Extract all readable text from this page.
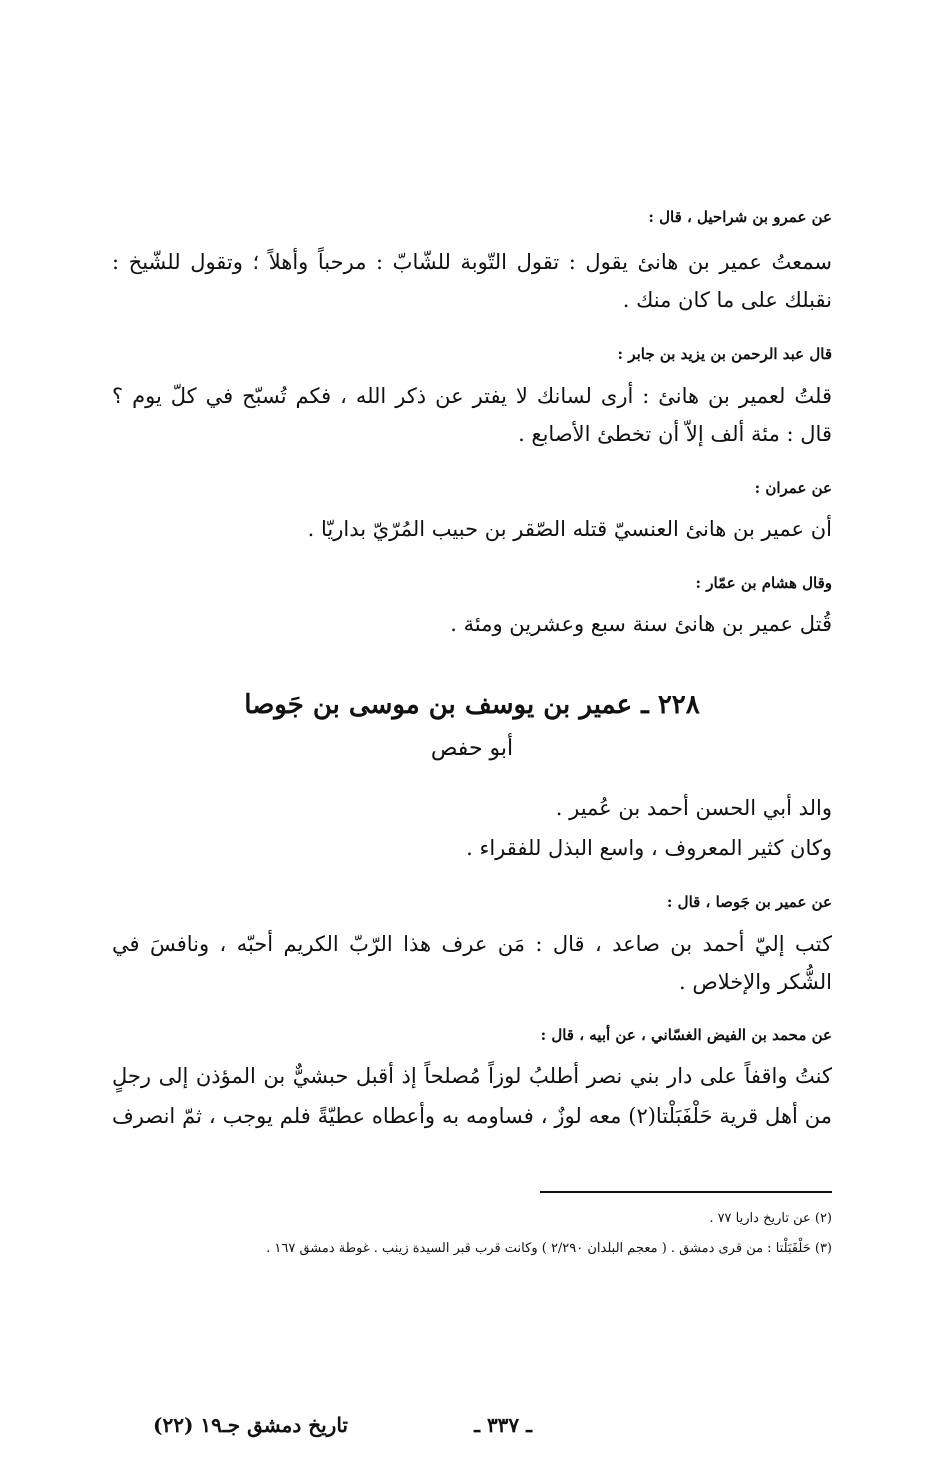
عن عمرو بن شراحيل ، قال :
سمعتُ عمير بن هانئ يقول : تقول التّوبة للشّابّ : مرحباً وأهلاً ؛ وتقول للشّيخ :
نقبلك على ما كان منك .
قال عبد الرحمن بن يزيد بن جابر :
قلتُ لعمير بن هانئ : أرى لسانك لا يفتر عن ذكر الله ، فكم تُسبّح في كلّ يوم ؟
قال : مئة ألف إلاّ أن تخطئ الأصابع .
عن عمران :
أن عمير بن هانئ العنسيّ قتله الصّقر بن حبيب المُرّيّ بداريّا .
وقال هشام بن عمّار :
قُتل عمير بن هانئ سنة سبع وعشرين ومئة .
٢٢٨ ـ عمير بن يوسف بن موسى بن جَوصا
أبو حفص
والد أبي الحسن أحمد بن عُمير .
وكان كثير المعروف ، واسع البذل للفقراء .
عن عمير بن جَوصا ، قال :
كتب إليّ أحمد بن صاعد ، قال : مَن عرف هذا الرّبّ الكريم أحبّه ، ونافسَ في
الشُّكر والإخلاص .
عن محمد بن الفيض الغسّاني ، عن أبيه ، قال :
كنتُ واقفاً على دار بني نصر أطلبُ لوزاً مُصلحاً إذ أقبل حبشيٌّ بن المؤذن إلى رجلٍ
من أهل قرية حَلْفَبَلْتا(٢) معه لوزٌ ، فساومه به وأعطاه عطيّةً فلم يوجب ، ثمّ انصرف
(٢) عن تاريخ داريا ٧٧ .
(٣) حَلْفَبَلْتا : من قرى دمشق . ( معجم البلدان ٢/٢٩٠ ) وكانت قرب قبر السيدة زينب . غوطة دمشق ١٦٧ .
تاريخ دمشق جـ١٩ (٢٢)	ـ ٣٣٧ ـ
